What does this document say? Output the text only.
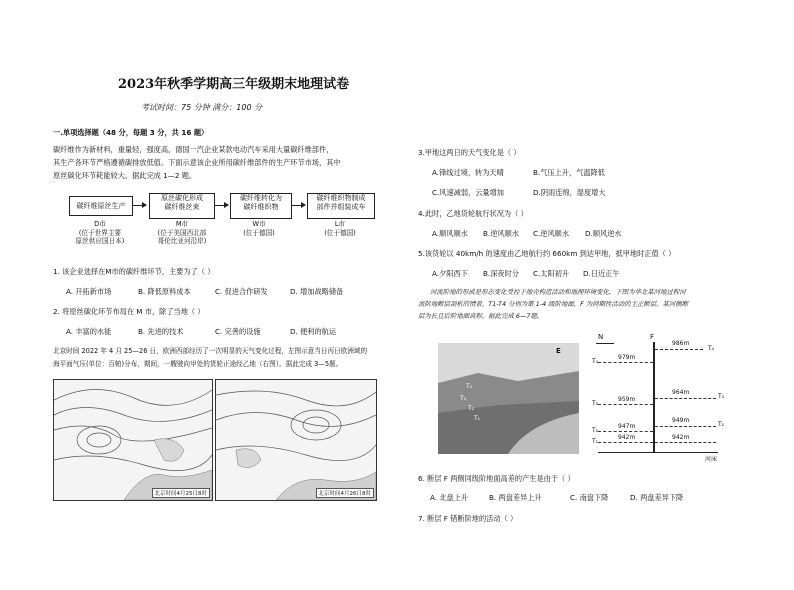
2023年秋季学期高三年级期末地理试卷
考试时间：75 分钟 满分：100 分
一.单项选择题（48 分，每题 3 分，共 16 题）
碳纤维作为新材料，重量轻，强度高，德国一汽企业某款电动汽车采用大量碳纤维部件，
其生产各环节严格遵循碳排放低值。下面示意该企业所用碳纤维部件的生产环节市场，其中
原丝碳化环节耗能较大。据此完成 1—2 题。
碳纤维原丝生产
原丝碳化形成
碳纤维丝束
碳纤维转化为
碳纤维织物
碳纤维织物制成
部件并组装成车
D市
(位于世界主要
原丝供应国日本)
M市
(位于美国西北部
哥伦比亚河沿岸)
W市
(位于德国)
L市
(位于德国)
1. 该企业选择在M市的碳纤维环节，主要为了（ ）
A. 开拓新市场	B. 降低原料成本	C. 促进合作研发	D. 增加战略储备
2. 将原丝碳化环节布局在 M 市，除了当地（ ）
A. 丰富的水能	B. 先进的技术	C. 完善的设施	D. 便利的航运
北京时间 2022 年 4 月 25—26 日，欧洲西部经历了一次明显的天气变化过程，左图示意当日丙日欧洲域的
海平面气压(单位：百帕)分布，期间，一艘驶向甲处的货轮正途经乙地（右图）。据此完成 3—5题。
北京时间4月25日8时	北京时间4月26日8时
3.甲地这两日的天气变化是（ ）
A.锋线过境，转为天晴	B.气压上升，气温降低
C.风速减弱，云量增加	D.阴雨连绵，湿度增大
4.此时，乙地货轮航行状况为（ ）
A.顺风顺水 B.逆风顺水 C.逆风顺水 D.顺风逆水
5.该货轮以 40km/h 的速度由乙地航行约 660km 到达甲地，抵甲地时正值（ ）
A.夕阳西下 B.深夜时分 C.太阳初升 D.日近正午
河流阶地的形成是形态变化受控于地壳构造活动和地理环境变化。下图为华北某河地过程河
流阶地断层剖析的情景，T1-T4 分别为第 1-4 级阶地面，F 为同期性活动的主正断层。某河侧断
层为长且后阶地面高程。据此完成 6—7题。
E
T₄
T₃
T₂
T₁
N	F
986m
964m
949m
942m
T₄
T₃
T₂
979m
T₄
959m
T₃
947m
T₂
942m
T₁
河床
6. 断层 F 两侧同级阶地面高差的产生是由于（ ）
A. 北盘上升	B. 两盘差异上升	C. 南盘下降	D. 两盘差异下降
7. 断层 F 错断阶地的活动（ ）
